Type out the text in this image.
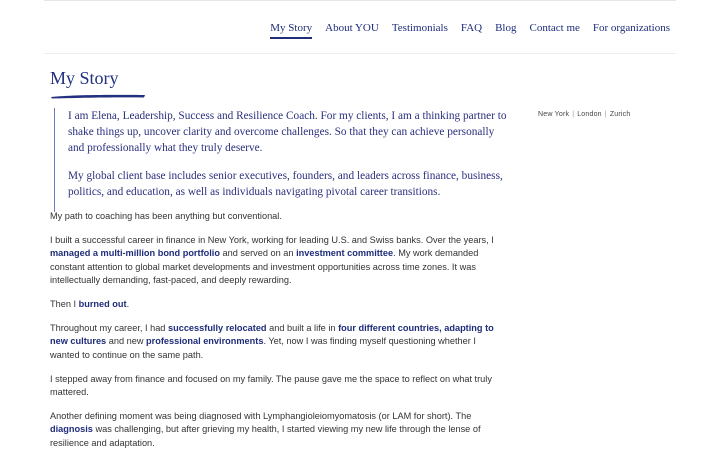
My Story About YOU Testimonials FAQ Blog Contact me For organizations
My Story

I am Elena, Leadership, Success and Resilience Coach. For my clients, I am a thinking partner to shake things up, uncover clarity and overcome challenges. So that they can achieve personally and professionally what they truly deserve.

My global client base includes senior executives, founders, and leaders across finance, business, politics, and education, as well as individuals navigating pivotal career transitions.

New York | London | Zurich

My path to coaching has been anything but conventional.

I built a successful career in finance in New York, working for leading U.S. and Swiss banks. Over the years, I managed a multi-million bond portfolio and served on an investment committee. My work demanded constant attention to global market developments and investment opportunities across time zones. It was intellectually demanding, fast-paced, and deeply rewarding.

Then I burned out.

Throughout my career, I had successfully relocated and built a life in four different countries, adapting to new cultures and new professional environments. Yet, now I was finding myself questioning whether I wanted to continue on the same path.

I stepped away from finance and focused on my family. The pause gave me the space to reflect on what truly mattered.

Another defining moment was being diagnosed with Lymphangioleiomyomatosis (or LAM for short). The diagnosis was challenging, but after grieving my health, I started viewing my new life through the lense of resilience and adaptation.
